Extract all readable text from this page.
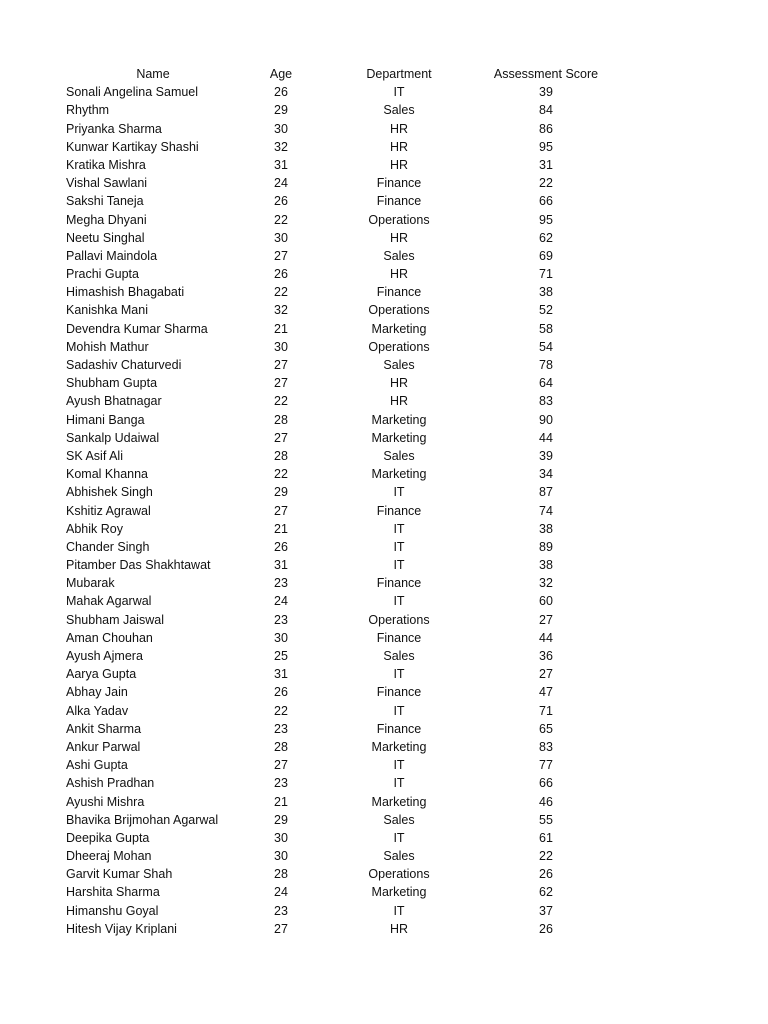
Name	Age	Department	Assessment Score
Sonali Angelina Samuel	26	IT	39
Rhythm	29	Sales	84
Priyanka Sharma	30	HR	86
Kunwar Kartikay Shashi	32	HR	95
Kratika Mishra	31	HR	31
Vishal Sawlani	24	Finance	22
Sakshi Taneja	26	Finance	66
Megha Dhyani	22	Operations	95
Neetu Singhal	30	HR	62
Pallavi Maindola	27	Sales	69
Prachi Gupta	26	HR	71
Himashish Bhagabati	22	Finance	38
Kanishka Mani	32	Operations	52
Devendra Kumar Sharma	21	Marketing	58
Mohish Mathur	30	Operations	54
Sadashiv Chaturvedi	27	Sales	78
Shubham Gupta	27	HR	64
Ayush Bhatnagar	22	HR	83
Himani Banga	28	Marketing	90
Sankalp Udaiwal	27	Marketing	44
SK Asif Ali	28	Sales	39
Komal Khanna	22	Marketing	34
Abhishek Singh	29	IT	87
Kshitiz Agrawal	27	Finance	74
Abhik Roy	21	IT	38
Chander Singh	26	IT	89
Pitamber Das Shakhtawat	31	IT	38
Mubarak	23	Finance	32
Mahak Agarwal	24	IT	60
Shubham Jaiswal	23	Operations	27
Aman Chouhan	30	Finance	44
Ayush Ajmera	25	Sales	36
Aarya Gupta	31	IT	27
Abhay Jain	26	Finance	47
Alka Yadav	22	IT	71
Ankit Sharma	23	Finance	65
Ankur Parwal	28	Marketing	83
Ashi Gupta	27	IT	77
Ashish Pradhan	23	IT	66
Ayushi Mishra	21	Marketing	46
Bhavika Brijmohan Agarwal	29	Sales	55
Deepika Gupta	30	IT	61
Dheeraj Mohan	30	Sales	22
Garvit Kumar Shah	28	Operations	26
Harshita Sharma	24	Marketing	62
Himanshu Goyal	23	IT	37
Hitesh Vijay Kriplani	27	HR	26
